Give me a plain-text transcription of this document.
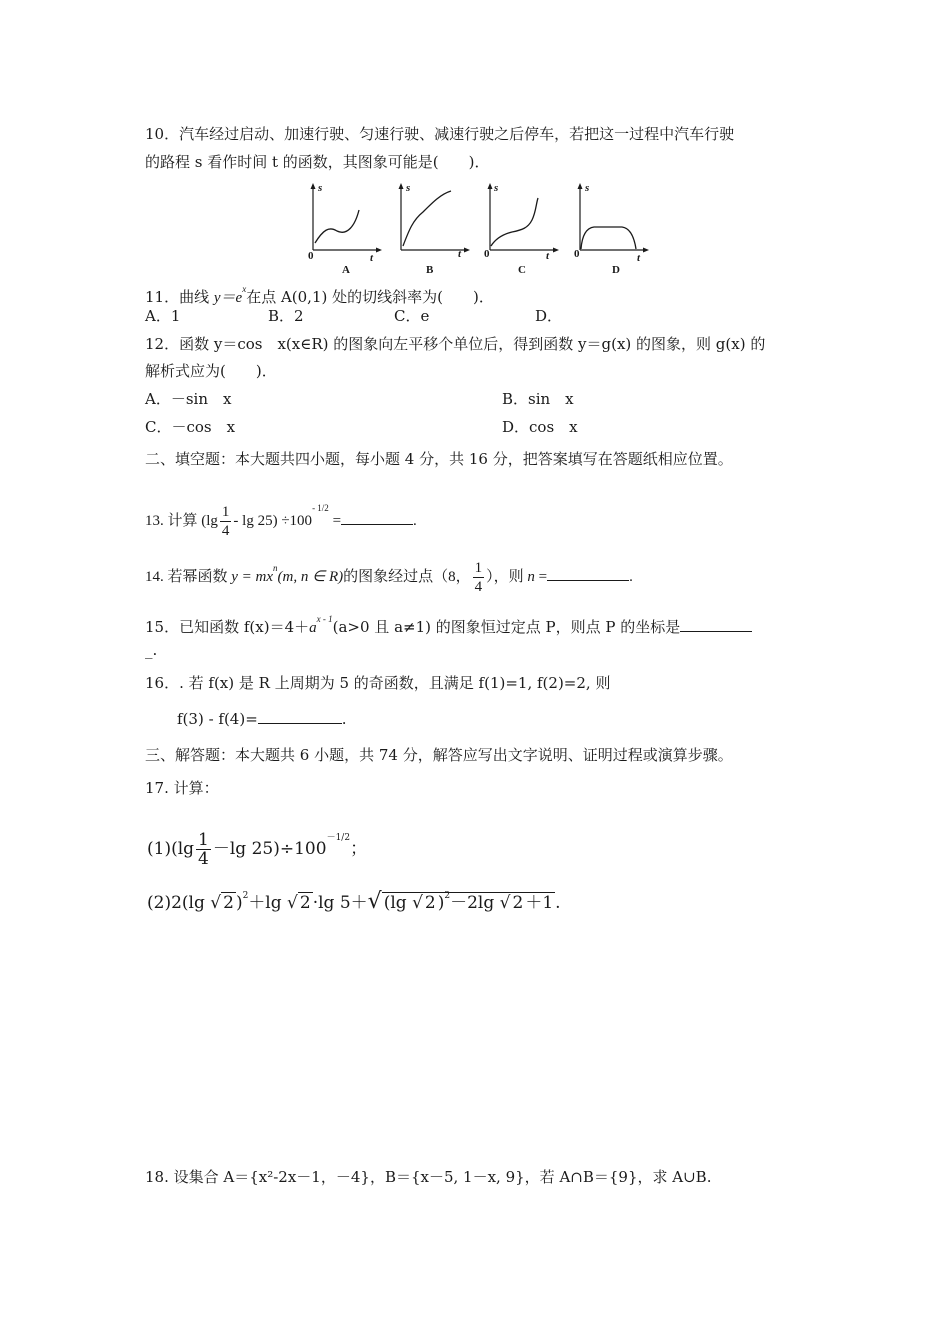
10．汽车经过启动、加速行驶、匀速行驶、减速行驶之后停车，若把这一过程中汽车行驶
的路程 s 看作时间 t 的函数，其图象可能是(　　)．
s
0	t
A
s
t
B
s
0	t
C
s
0	t
D
11．曲线 $y=e^x$在点 A(0,1) 处的切线斜率为(　　)．
A．1	B．2	C．e	D．
12．函数 y＝cos　x(x∈R) 的图象向左平移个单位后，得到函数 y＝g(x) 的图象，则 g(x) 的
解析式应为(　　)．
A．－sin　x	B．sin　x
C．－cos　x	D．cos　x
二、填空题：本大题共四小题，每小题 4 分，共 16 分，把答案填写在答题纸相应位置。
13. 计算 $(\lg \frac{1}{4} - \lg 25) \div 100^{- 1/2}$ =	.
14. 若幂函数 $y = mx^n(m$, n ∈ R)的图象经过点（8， $\frac{1}{4}$ ），则 n =	.
15．已知函数 $f(x)=4+a^{x - 1}(a>0$ 且 a≠1) 的图象恒过定点 P，则点 P 的坐标是
_.
16．. 若 f(x) 是 R 上周期为 5 的奇函数，且满足 f(1)=1, f(2)=2, 则
f(3) - f(4)=	.
三、解答题：本大题共 6 小题，共 74 分，解答应写出文字说明、证明过程或演算步骤。
17. 计算：
$(1)(\lg \frac{1}{4} -\lg$ $25)\div 100^{-1/2}$；
(2)2(lg √ 2 )$^2$＋lg √ 2 ·lg 5＋√ (lg √ 2 )$^2$－2lg √ 2 ＋1 .
18. 设集合 A＝{x²-2x－1，－4}，B＝{x－5, 1－x, 9}，若 A∩B＝{9}，求 A∪B.
